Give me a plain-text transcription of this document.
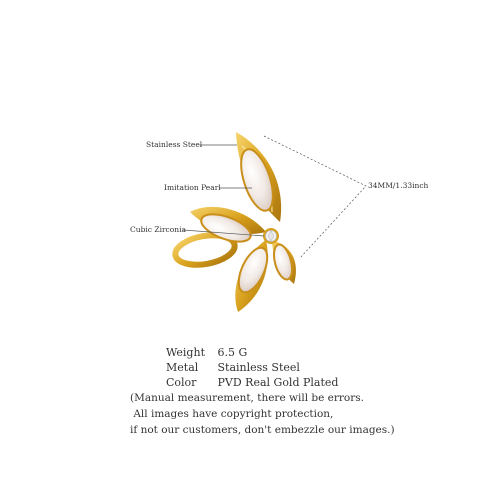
Stainless Steel
Imitation Pearl
Cubic Zirconia
34MM/1.33inch
Weight 6.5 G
Metal Stainless Steel
Color PVD Real Gold Plated
(Manual measurement, there will be errors.
All images have copyright protection,
if not our customers, don't embezzle our images.)
